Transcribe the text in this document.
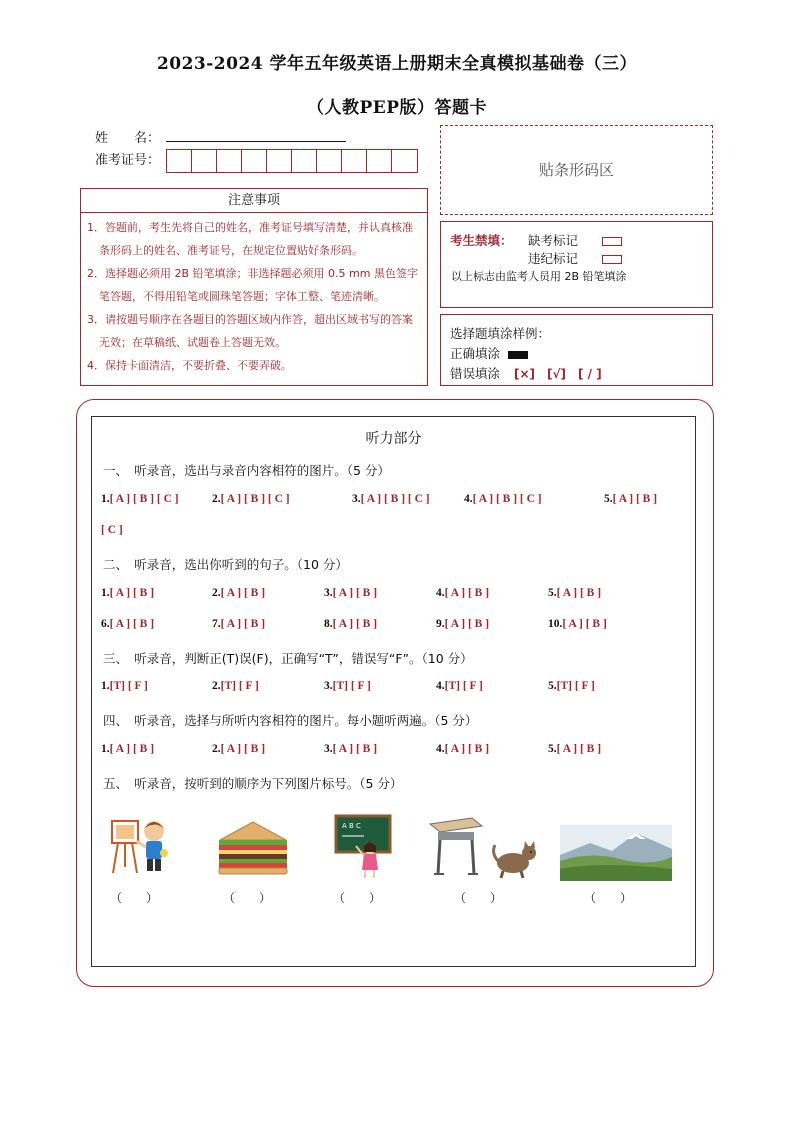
2023-2024 学年五年级英语上册期末全真模拟基础卷（三）
（人教PEP版）答题卡
姓　　名：
准考证号：
贴条形码区
注意事项
1．答题前，考生先将自己的姓名，准考证号填写清楚，并认真核准条形码上的姓名、准考证号，在规定位置贴好条形码。
2．选择题必须用 2B 铅笔填涂；非选择题必须用 0.5 mm 黑色签字笔答题，不得用铅笔或圆珠笔答题；字体工整、笔迹清晰。
3．请按题号顺序在各题目的答题区域内作答，超出区域书写的答案无效；在草稿纸、试题卷上答题无效。
4．保持卡面清洁，不要折叠、不要弄破。
考生禁填： 缺考标记
违纪标记
以上标志由监考人员用 2B 铅笔填涂
选择题填涂样例：
正确填涂
错误填涂 [×]　[√]　[ / ]
听力部分
一、　听录音，选出与录音内容相符的图片。（5 分）
1.[ A ] [ B ] [ C ]	2.[ A ] [ B ] [ C ]	3.[ A ] [ B ] [ C ]	4.[ A ] [ B ] [ C ]	5.[ A ] [ B ]
[ C ]
二、　听录音，选出你听到的句子。（10 分）
1.[ A ] [ B ]	2.[ A ] [ B ]	3.[ A ] [ B ]	4.[ A ] [ B ]	5.[ A ] [ B ]
6.[ A ] [ B ]	7.[ A ] [ B ]	8.[ A ] [ B ]	9.[ A ] [ B ]	10.[ A ] [ B ]
三、　听录音，判断正(T)误(F)，正确写“T”，错误写“F”。（10 分）
1.[T] [ F ]	2.[T] [ F ]	3.[T] [ F ]	4.[T] [ F ]	5.[T] [ F ]
四、　听录音，选择与所听内容相符的图片。每小题听两遍。（5 分）
1.[ A ] [ B ]	2.[ A ] [ B ]	3.[ A ] [ B ]	4.[ A ] [ B ]	5.[ A ] [ B ]
五、　听录音，按听到的顺序为下列图片标号。（5 分）
A B C
（　　）	（　　）	（　　）	（　　）	（　　）
